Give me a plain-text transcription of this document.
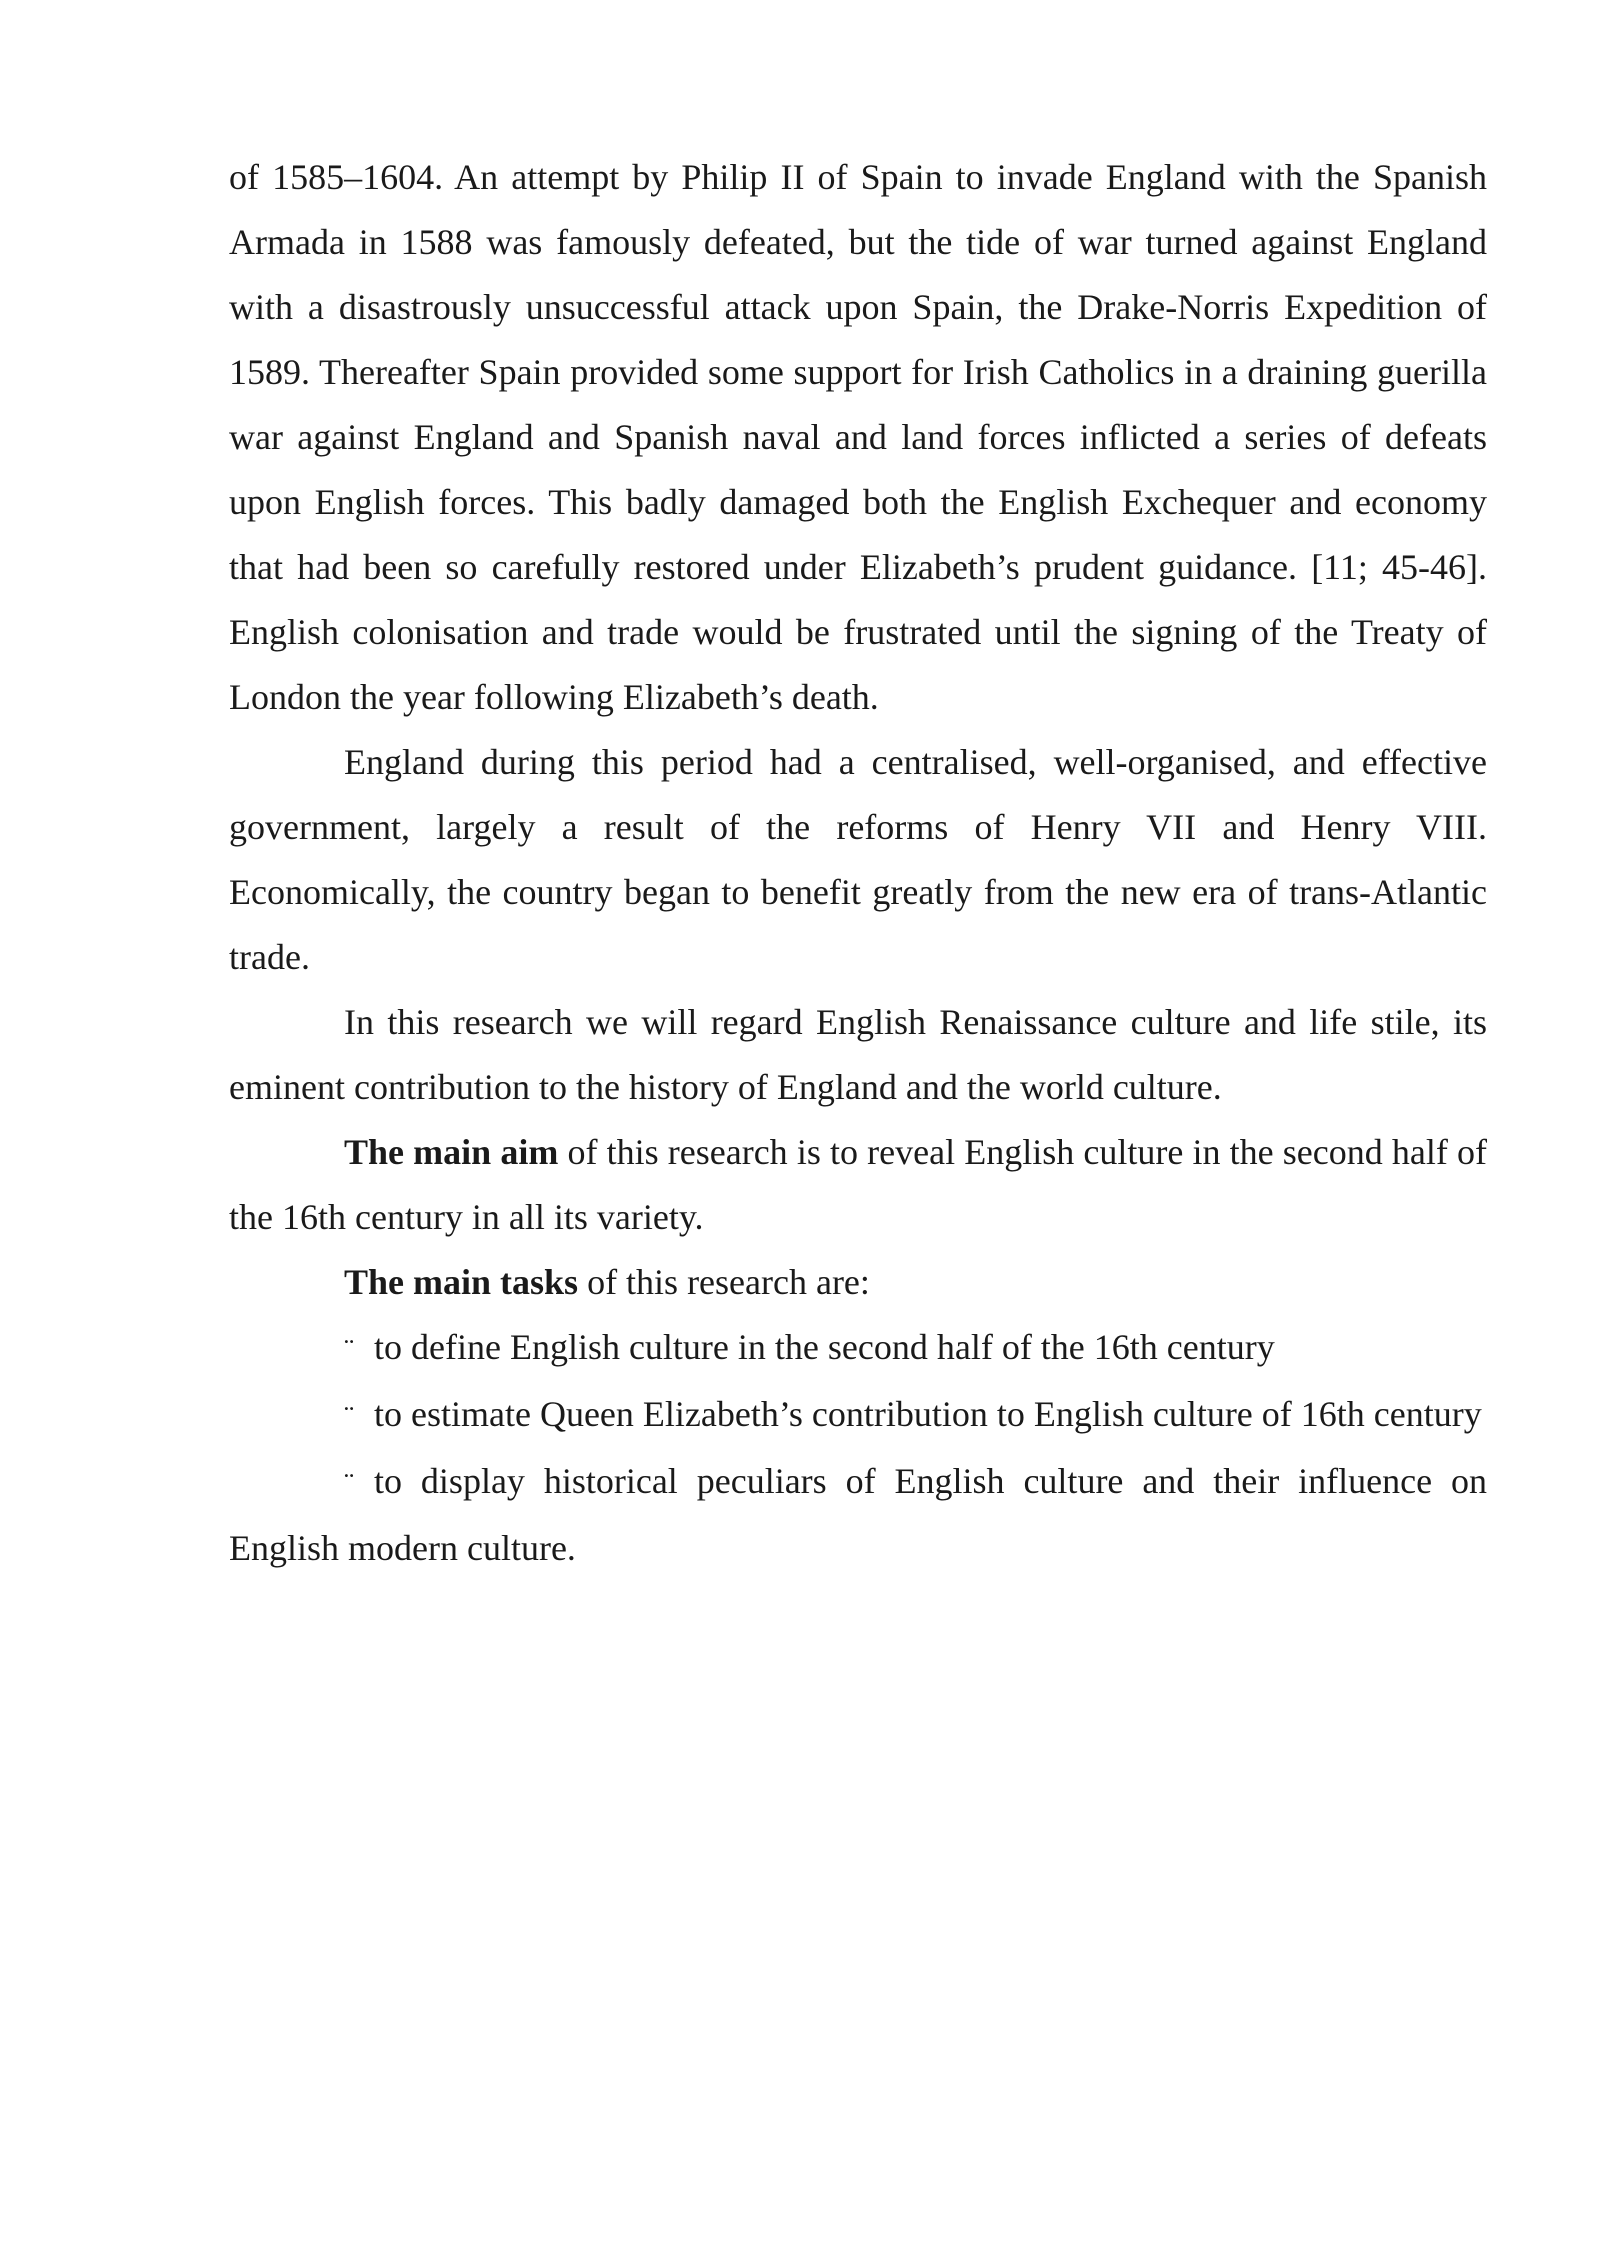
of 1585–1604. An attempt by Philip II of Spain to invade England with the Spanish Armada in 1588 was famously defeated, but the tide of war turned against England with a disastrously unsuccessful attack upon Spain, the Drake-Norris Expedition of 1589. Thereafter Spain provided some support for Irish Catholics in a draining guerilla war against England and Spanish naval and land forces inflicted a series of defeats upon English forces. This badly damaged both the English Exchequer and economy that had been so carefully restored under Elizabeth’s prudent guidance. [11; 45-46]. English colonisation and trade would be frustrated until the signing of the Treaty of London the year following Elizabeth’s death.

England during this period had a centralised, well-organised, and effective government, largely a result of the reforms of Henry VII and Henry VIII. Economically, the country began to benefit greatly from the new era of trans-Atlantic trade.

In this research we will regard English Renaissance culture and life stile, its eminent contribution to the history of England and the world culture.

The main aim of this research is to reveal English culture in the second half of the 16th century in all its variety.

The main tasks of this research are:

¨ to define English culture in the second half of the 16th century

¨ to estimate Queen Elizabeth’s contribution to English culture of 16th century

¨ to display historical peculiars of English culture and their influence on English modern culture.
